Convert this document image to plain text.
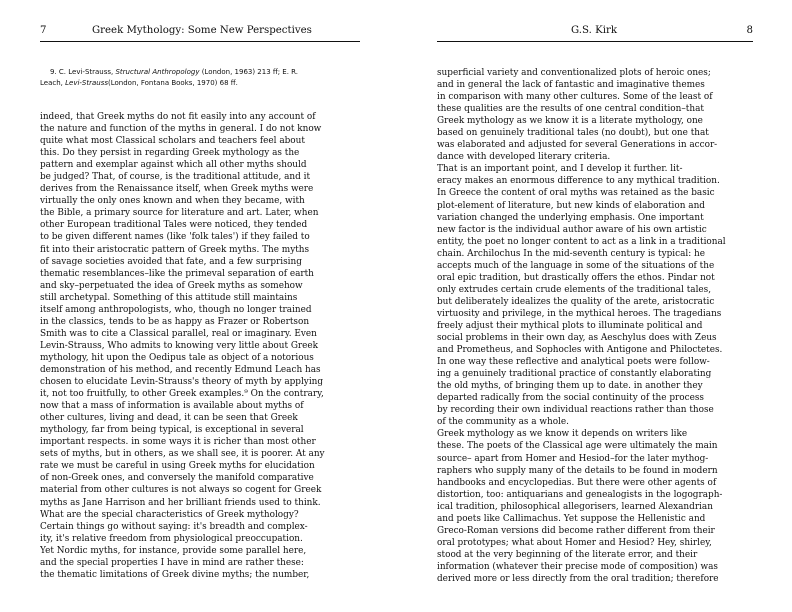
7	Greek Mythology: Some New Perspectives
9. C. Levi-Strauss, Structural Anthropology (London, 1963) 213 ff; E. R.
Leach, Levi-Strauss(London, Fontana Books, 1970) 68 ff.
indeed, that Greek myths do not fit easily into any account of
the nature and function of the myths in general. I do not know
quite what most Classical scholars and teachers feel about
this. Do they persist in regarding Greek mythology as the
pattern and exemplar against which all other myths should
be judged? That, of course, is the traditional attitude, and it
derives from the Renaissance itself, when Greek myths were
virtually the only ones known and when they became, with
the Bible, a primary source for literature and art. Later, when
other European traditional Tales were noticed, they tended
to be given different names (like 'folk tales') if they failed to
fit into their aristocratic pattern of Greek myths. The myths
of savage societies avoided that fate, and a few surprising
thematic resemblances–like the primeval separation of earth
and sky–perpetuated the idea of Greek myths as somehow
still archetypal. Something of this attitude still maintains
itself among anthropologists, who, though no longer trained
in the classics, tends to be as happy as Frazer or Robertson
Smith was to cite a Classical parallel, real or imaginary. Even
Levin-Strauss, Who admits to knowing very little about Greek
mythology, hit upon the Oedipus tale as object of a notorious
demonstration of his method, and recently Edmund Leach has
chosen to elucidate Levin-Strauss's theory of myth by applying
it, not too fruitfully, to other Greek examples.⁹ On the contrary,
now that a mass of information is available about myths of
other cultures, living and dead, it can be seen that Greek
mythology, far from being typical, is exceptional in several
important respects. in some ways it is richer than most other
sets of myths, but in others, as we shall see, it is poorer. At any
rate we must be careful in using Greek myths for elucidation
of non-Greek ones, and conversely the manifold comparative
material from other cultures is not always so cogent for Greek
myths as Jane Harrison and her brilliant friends used to think.
What are the special characteristics of Greek mythology?
Certain things go without saying: it's breadth and complex-
ity, it's relative freedom from physiological preoccupation.
Yet Nordic myths, for instance, provide some parallel here,
and the special properties I have in mind are rather these:
the thematic limitations of Greek divine myths; the number,
G.S. Kirk	8
superficial variety and conventionalized plots of heroic ones;
and in general the lack of fantastic and imaginative themes
in comparison with many other cultures. Some of the least of
these qualities are the results of one central condition–that
Greek mythology as we know it is a literate mythology, one
based on genuinely traditional tales (no doubt), but one that
was elaborated and adjusted for several Generations in accor-
dance with developed literary criteria.
That is an important point, and I develop it further. lit-
eracy makes an enormous difference to any mythical tradition.
In Greece the content of oral myths was retained as the basic
plot-element of literature, but new kinds of elaboration and
variation changed the underlying emphasis. One important
new factor is the individual author aware of his own artistic
entity, the poet no longer content to act as a link in a traditional
chain. Archilochus In the mid-seventh century is typical: he
accepts much of the language in some of the situations of the
oral epic tradition, but drastically offers the ethos. Pindar not
only extrudes certain crude elements of the traditional tales,
but deliberately idealizes the quality of the arete, aristocratic
virtuosity and privilege, in the mythical heroes. The tragedians
freely adjust their mythical plots to illuminate political and
social problems in their own day, as Aeschylus does with Zeus
and Prometheus, and Sophocles with Antigone and Philoctetes.
In one way these reflective and analytical poets were follow-
ing a genuinely traditional practice of constantly elaborating
the old myths, of bringing them up to date. in another they
departed radically from the social continuity of the process
by recording their own individual reactions rather than those
of the community as a whole.
Greek mythology as we know it depends on writers like
these. The poets of the Classical age were ultimately the main
source– apart from Homer and Hesiod–for the later mythog-
raphers who supply many of the details to be found in modern
handbooks and encyclopedias. But there were other agents of
distortion, too: antiquarians and genealogists in the logograph-
ical tradition, philosophical allegorisers, learned Alexandrian
and poets like Callimachus. Yet suppose the Hellenistic and
Greco-Roman versions did become rather different from their
oral prototypes; what about Homer and Hesiod? Hey, shirley,
stood at the very beginning of the literate error, and their
information (whatever their precise mode of composition) was
derived more or less directly from the oral tradition; therefore
